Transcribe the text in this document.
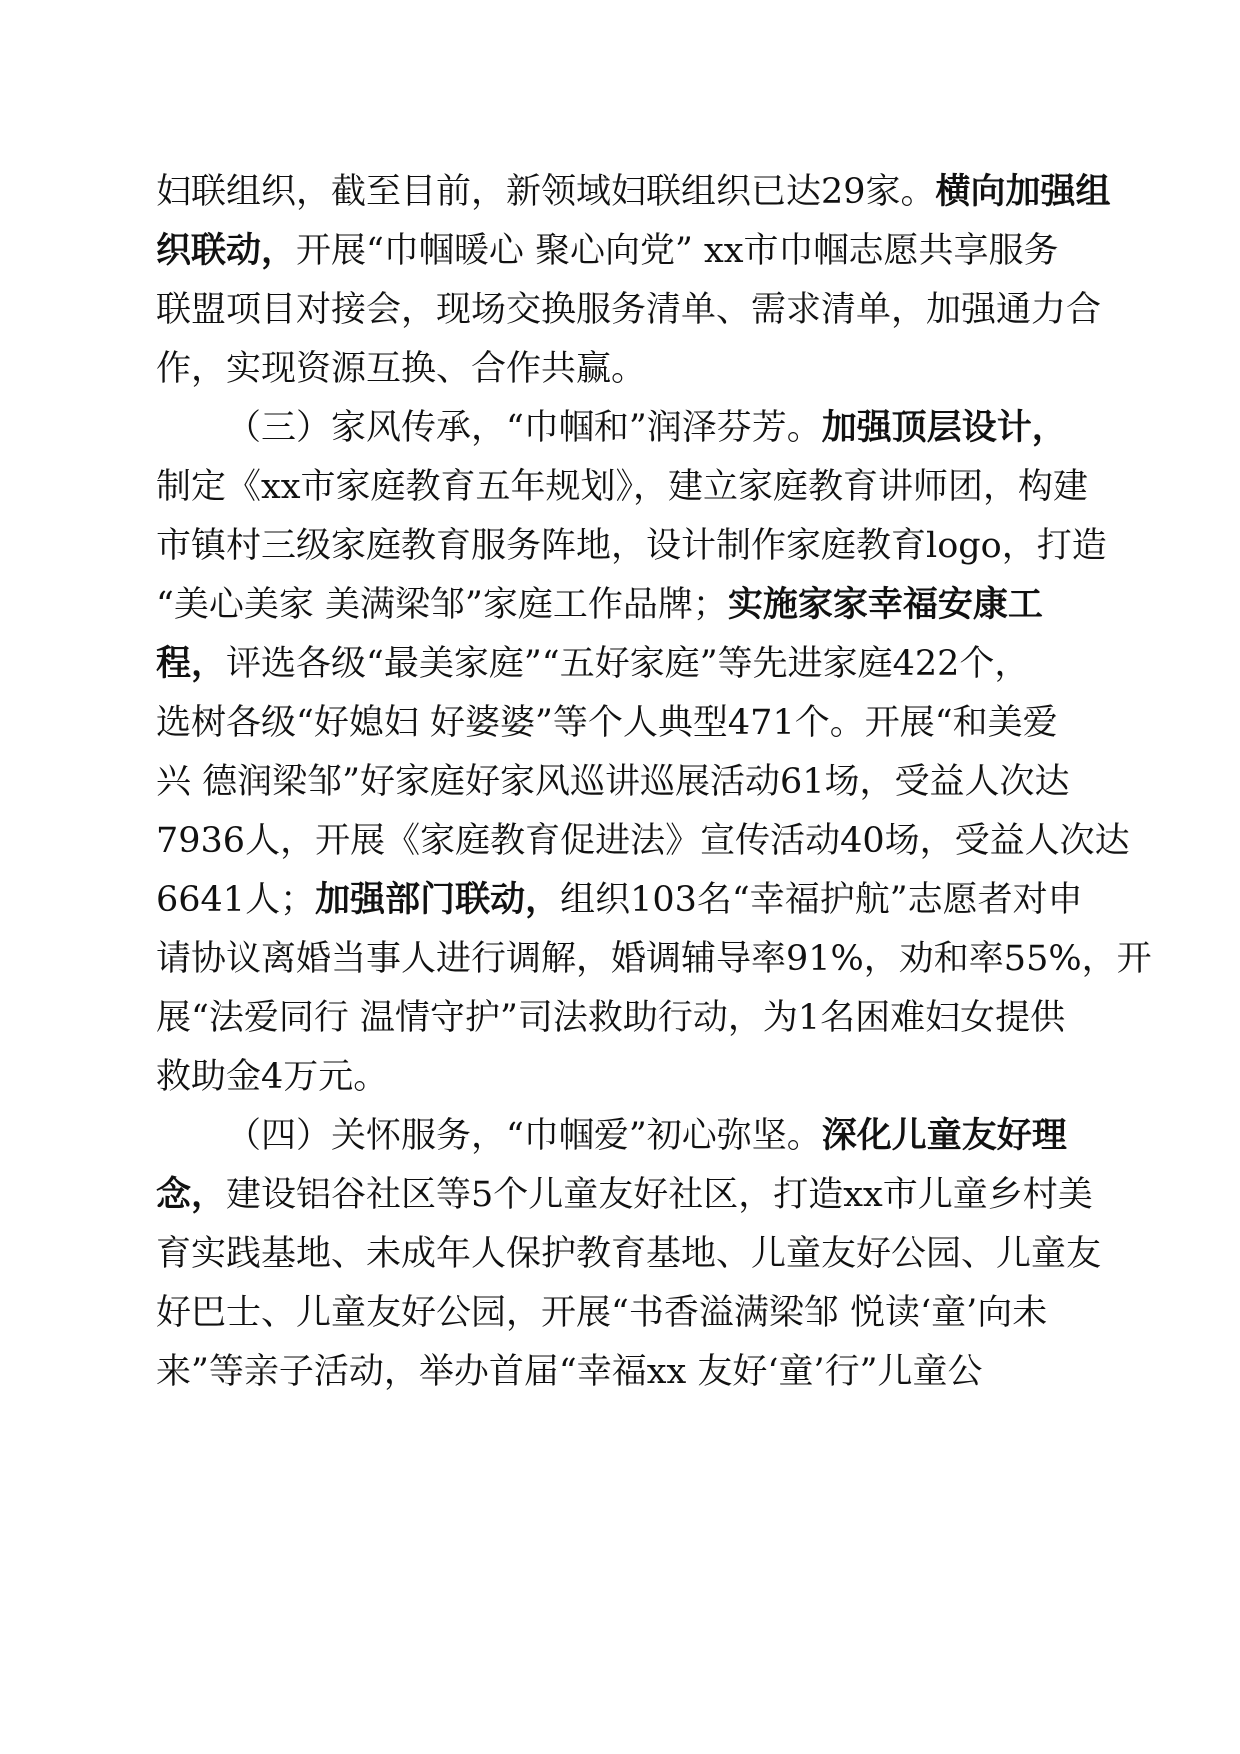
妇联组织，截至目前，新领域妇联组织已达29家。横向加强组
织联动，开展“巾帼暖心 聚心向党” xx市巾帼志愿共享服务
联盟项目对接会，现场交换服务清单、需求清单，加强通力合
作，实现资源互换、合作共赢。
（三）家风传承，“巾帼和”润泽芬芳。加强顶层设计，
制定《xx市家庭教育五年规划》，建立家庭教育讲师团，构建
市镇村三级家庭教育服务阵地，设计制作家庭教育logo，打造
“美心美家 美满梁邹”家庭工作品牌；实施家家幸福安康工
程，评选各级“最美家庭”“五好家庭”等先进家庭422个，
选树各级“好媳妇 好婆婆”等个人典型471个。开展“和美爱
兴 德润梁邹”好家庭好家风巡讲巡展活动61场，受益人次达
7936人，开展《家庭教育促进法》宣传活动40场，受益人次达
6641人；加强部门联动，组织103名“幸福护航”志愿者对申
请协议离婚当事人进行调解，婚调辅导率91%，劝和率55%，开
展“法爱同行 温情守护”司法救助行动，为1名困难妇女提供
救助金4万元。
（四）关怀服务，“巾帼爱”初心弥坚。深化儿童友好理
念，建设铝谷社区等5个儿童友好社区，打造xx市儿童乡村美
育实践基地、未成年人保护教育基地、儿童友好公园、儿童友
好巴士、儿童友好公园，开展“书香溢满梁邹 悦读‘童’向未
来”等亲子活动，举办首届“幸福xx 友好‘童’行”儿童公
